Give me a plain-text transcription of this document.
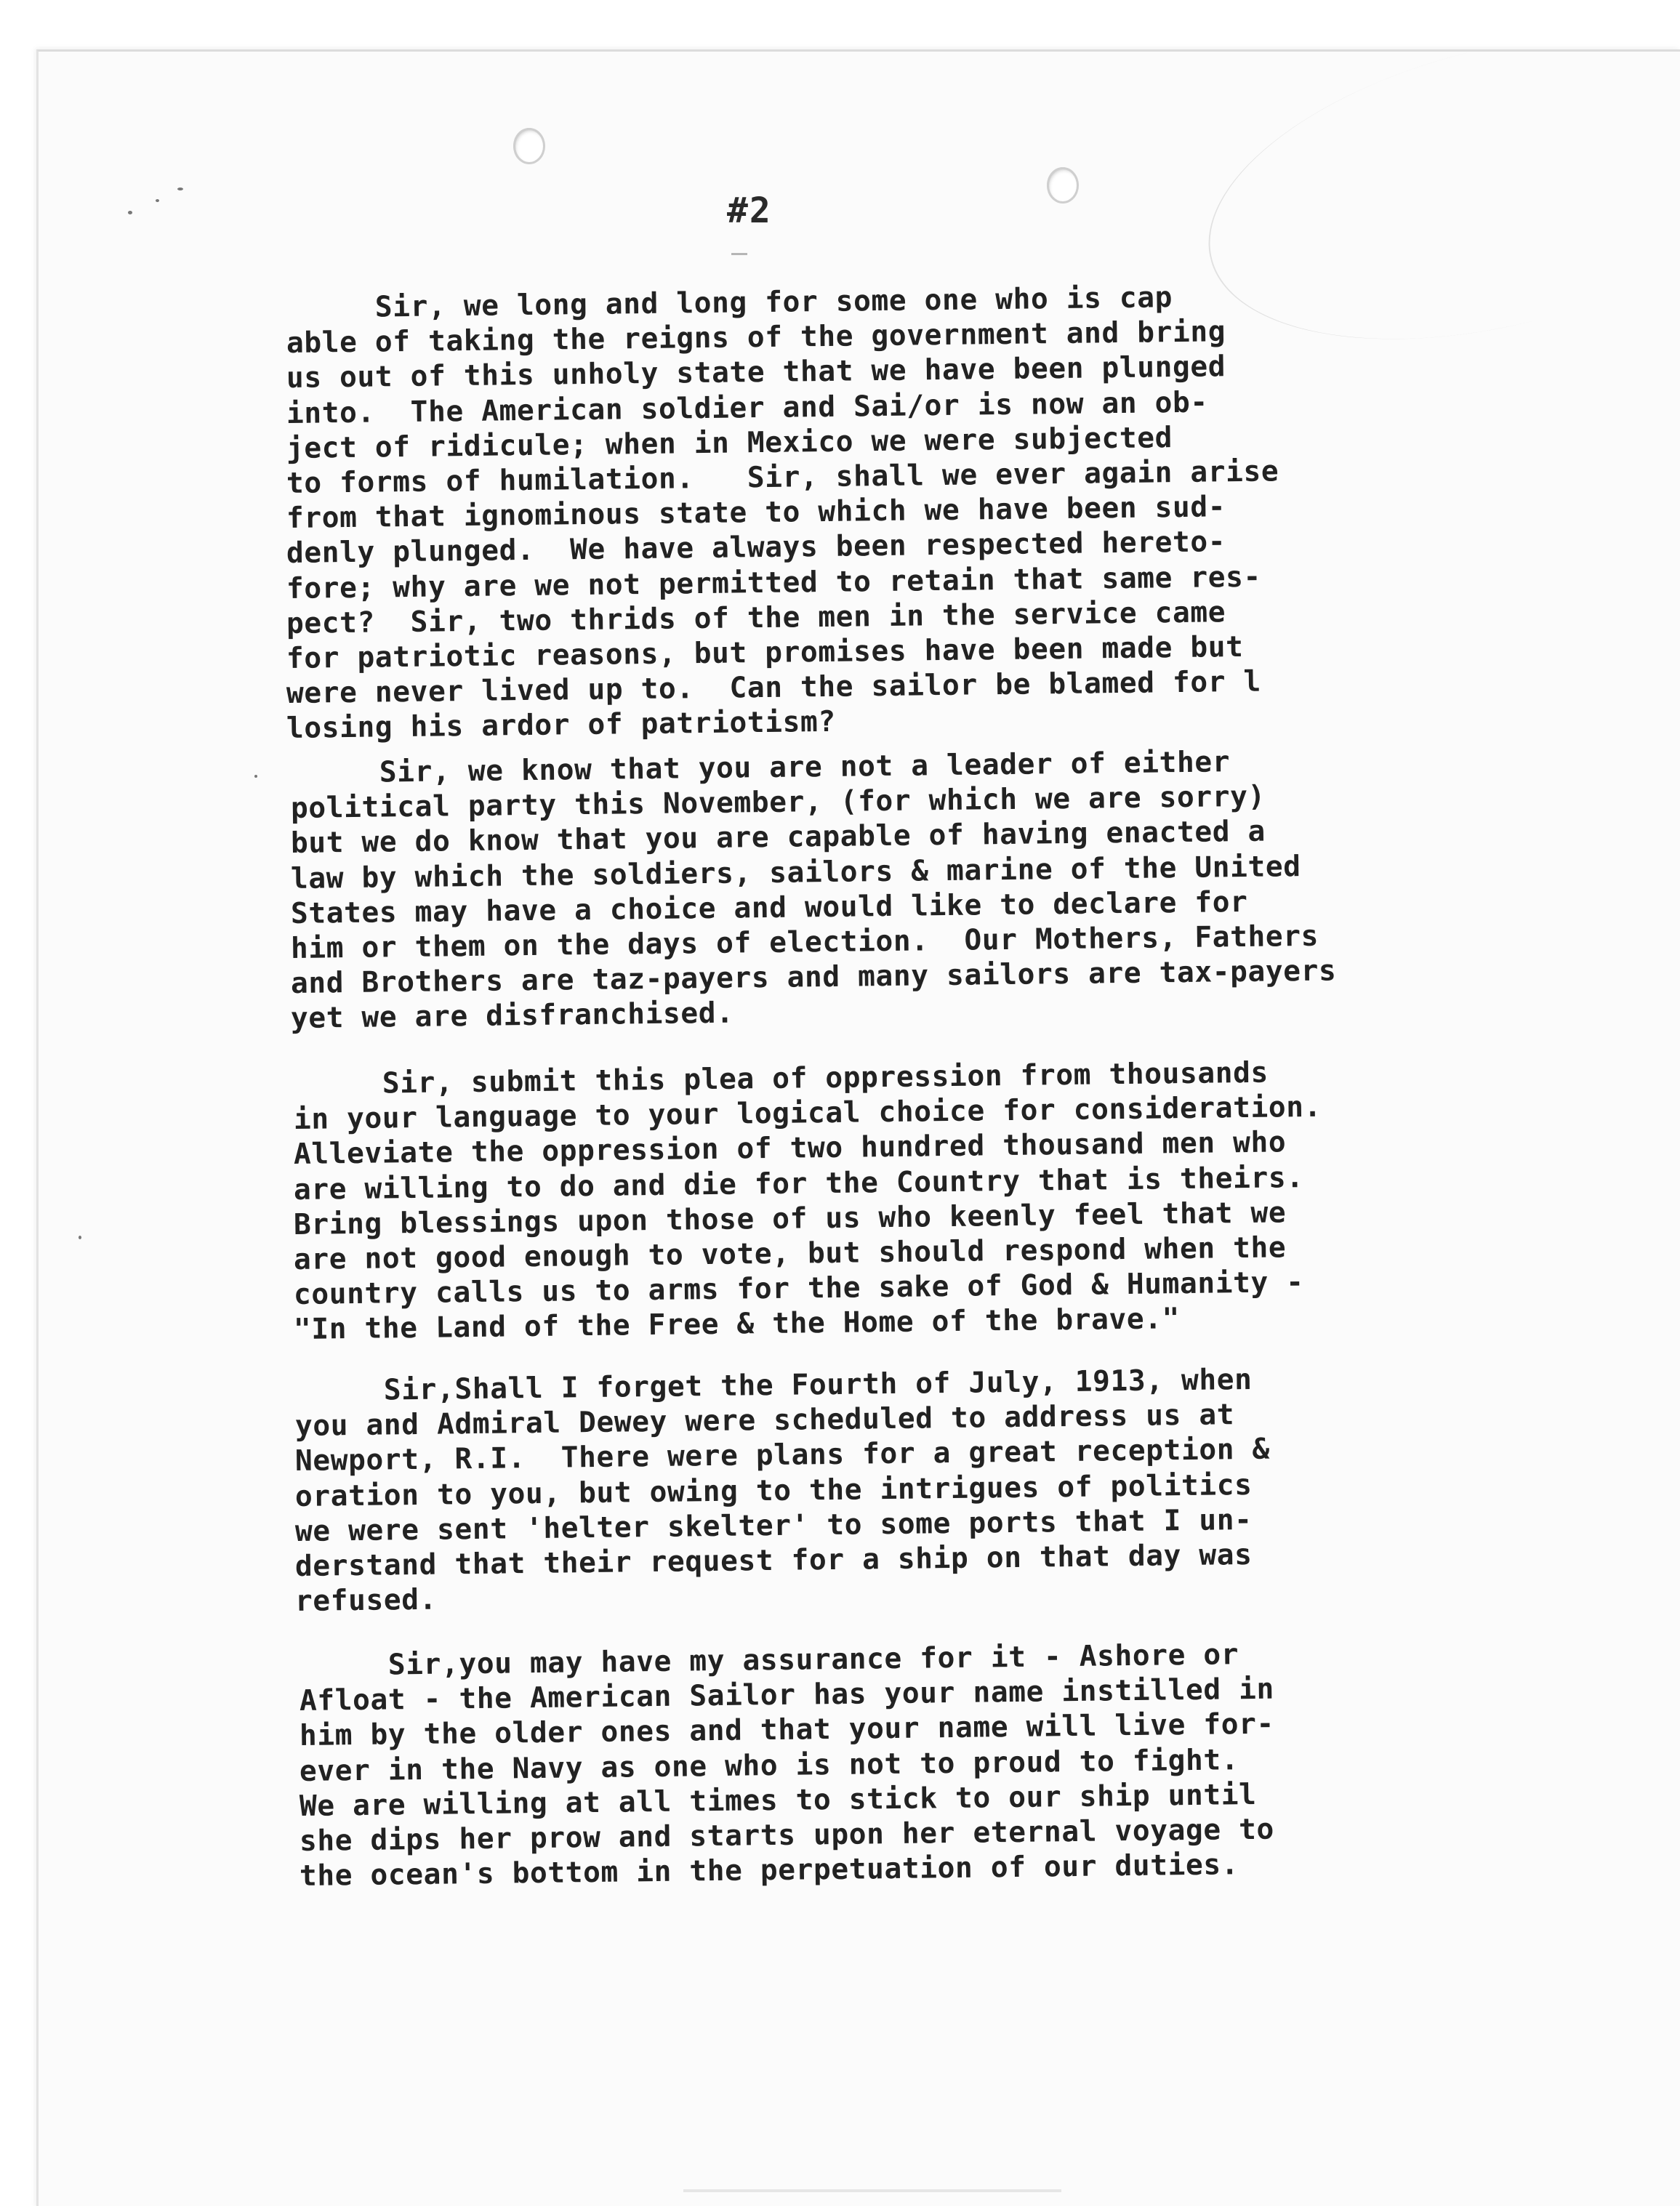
#2
Sir, we long and long for some one who is cap
able of taking the reigns of the government and bring
us out of this unholy state that we have been plunged
into.  The American soldier and Sai/or is now an ob-
ject of ridicule; when in Mexico we were subjected
to forms of humilation.   Sir, shall we ever again arise
from that ignominous state to which we have been sud-
denly plunged.  We have always been respected hereto-
fore; why are we not permitted to retain that same res-
pect?  Sir, two thrids of the men in the service came
for patriotic reasons, but promises have been made but
were never lived up to.  Can the sailor be blamed for l
losing his ardor of patriotism?
Sir, we know that you are not a leader of either
political party this November, (for which we are sorry)
but we do know that you are capable of having enacted a
law by which the soldiers, sailors & marine of the United
States may have a choice and would like to declare for
him or them on the days of election.  Our Mothers, Fathers
and Brothers are taz-payers and many sailors are tax-payers
yet we are disfranchised.
Sir, submit this plea of oppression from thousands
in your language to your logical choice for consideration.
Alleviate the oppression of two hundred thousand men who
are willing to do and die for the Country that is theirs.
Bring blessings upon those of us who keenly feel that we
are not good enough to vote, but should respond when the
country calls us to arms for the sake of God & Humanity -
"In the Land of the Free & the Home of the brave."
Sir,Shall I forget the Fourth of July, 1913, when
you and Admiral Dewey were scheduled to address us at
Newport, R.I.  There were plans for a great reception &
oration to you, but owing to the intrigues of politics
we were sent 'helter skelter' to some ports that I un-
derstand that their request for a ship on that day was
refused.
Sir,you may have my assurance for it - Ashore or
Afloat - the American Sailor has your name instilled in
him by the older ones and that your name will live for-
ever in the Navy as one who is not to proud to fight.
We are willing at all times to stick to our ship until
she dips her prow and starts upon her eternal voyage to
the ocean's bottom in the perpetuation of our duties.
